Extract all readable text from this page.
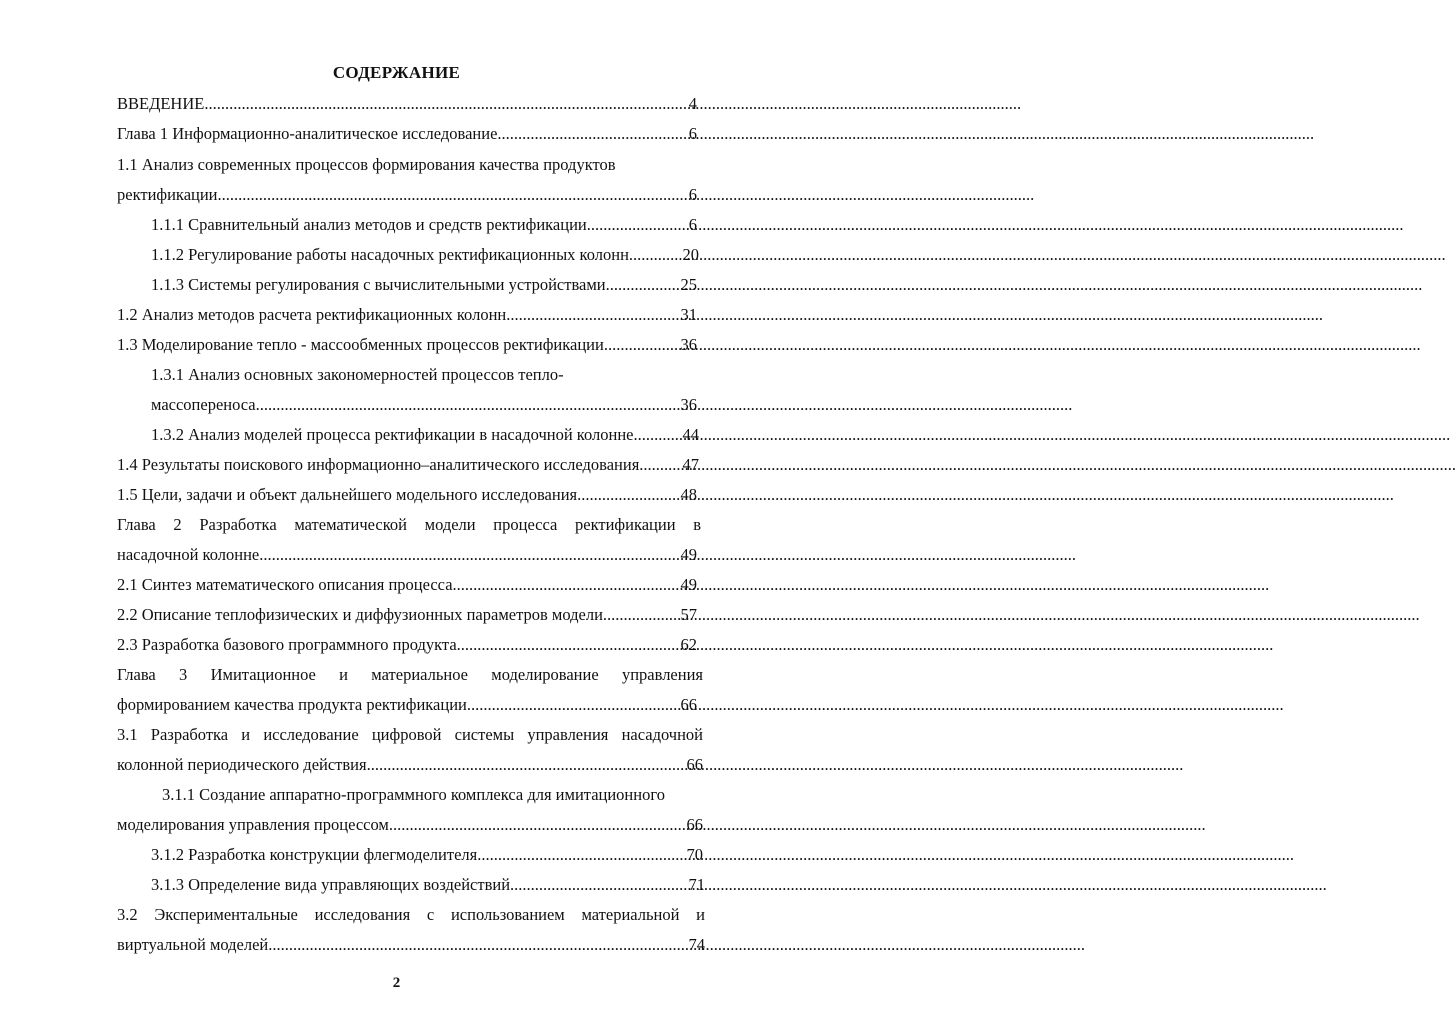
СОДЕРЖАНИЕ
ВВЕДЕНИЕ .....	4
Глава 1 Информационно-аналитическое исследование .....	6
1.1 Анализ современных процессов формирования качества продуктов
ректификации .....	6
1.1.1 Сравнительный анализ методов и средств ректификации .....	6
1.1.2 Регулирование работы насадочных ректификационных колонн .....	20
1.1.3 Системы регулирования с вычислительными устройствами .....	25
1.2 Анализ методов расчета ректификационных колонн .....	31
1.3 Моделирование тепло - массообменных процессов ректификации .....	36
1.3.1 Анализ основных закономерностей процессов тепло-
массопереноса .....	36
1.3.2 Анализ моделей процесса ректификации в насадочной колонне .....	44
1.4 Результаты поискового информационно–аналитического исследования .....	47
1.5 Цели, задачи и объект дальнейшего модельного исследования .....	48
Глава 2 Разработка математической модели процесса ректификации в
насадочной колонне .....	49
2.1 Синтез математического описания процесса .....	49
2.2 Описание теплофизических и диффузионных параметров модели .....	57
2.3 Разработка базового программного продукта .....	62
Глава 3 Имитационное и материальное моделирование управления
формированием качества продукта ректификации .....	66
3.1 Разработка и исследование цифровой системы управления насадочной
колонной периодического действия .....	66
3.1.1 Создание аппаратно-программного комплекса для имитационного
моделирования управления процессом .....	66
3.1.2 Разработка конструкции флегмоделителя .....	70
3.1.3 Определение вида управляющих воздействий .....	71
3.2 Экспериментальные исследования с использованием материальной и
виртуальной моделей .....	74
2
